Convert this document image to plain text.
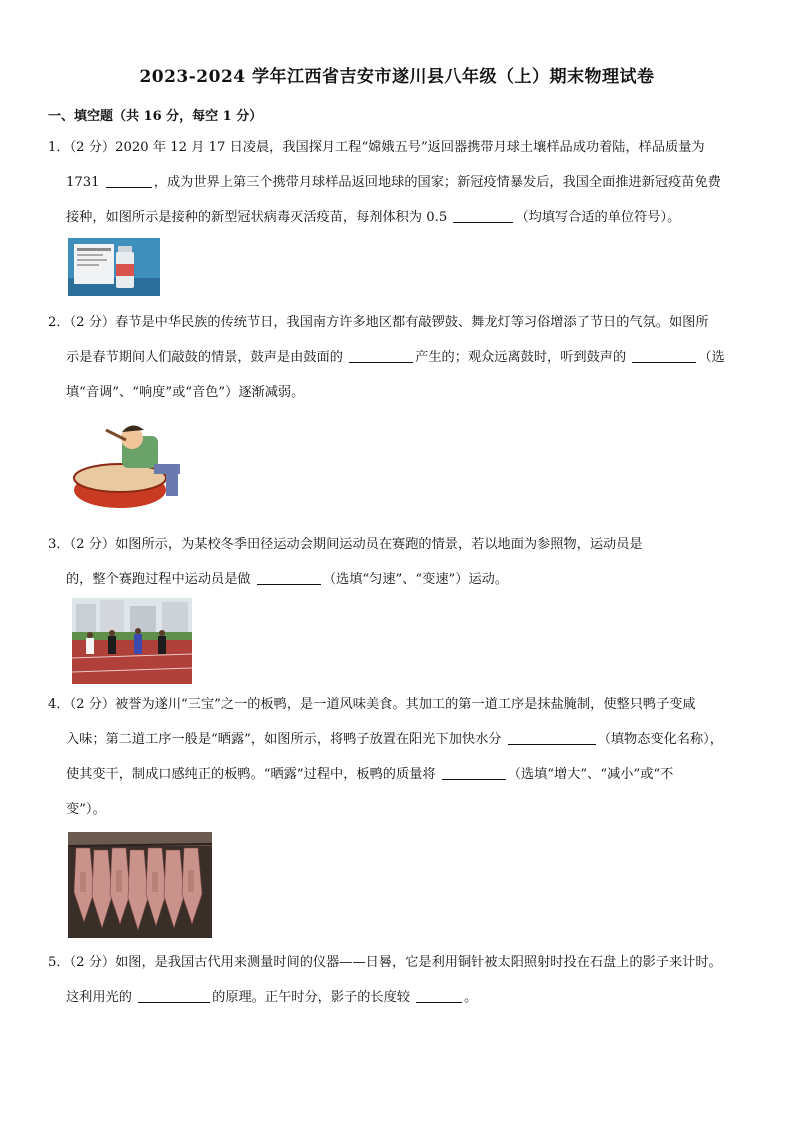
2023-2024 学年江西省吉安市遂川县八年级（上）期末物理试卷
一、填空题（共 16 分，每空 1 分）
1．（2 分）2020 年 12 月 17 日凌晨，我国探月工程“嫦娥五号”返回器携带月球土壤样品成功着陆，样品质量为
1731	，成为世界上第三个携带月球样品返回地球的国家；新冠疫情暴发后，我国全面推进新冠疫苗免费
接种，如图所示是接种的新型冠状病毒灭活疫苗，每剂体积为 0.5	（均填写合适的单位符号）。
2．（2 分）春节是中华民族的传统节日，我国南方许多地区都有敲锣鼓、舞龙灯等习俗增添了节日的气氛。如图所
示是春节期间人们敲鼓的情景，鼓声是由鼓面的	产生的；观众远离鼓时，听到鼓声的	（选
填“音调”、“响度”或“音色”）逐渐减弱。
3．（2 分）如图所示，为某校冬季田径运动会期间运动员在赛跑的情景，若以地面为参照物，运动员是
的，整个赛跑过程中运动员是做	（选填“匀速”、“变速”）运动。
4．（2 分）被誉为遂川“三宝”之一的板鸭，是一道风味美食。其加工的第一道工序是抹盐腌制，使整只鸭子变咸
入味；第二道工序一般是“晒露”，如图所示，将鸭子放置在阳光下加快水分	（填物态变化名称），
使其变干，制成口感纯正的板鸭。“晒露”过程中，板鸭的质量将	（选填“增大”、“减小”或“不
变”）。
5．（2 分）如图，是我国古代用来测量时间的仪器——日晷，它是利用铜针被太阳照射时投在石盘上的影子来计时。
这利用光的	的原理。正午时分，影子的长度较	。
